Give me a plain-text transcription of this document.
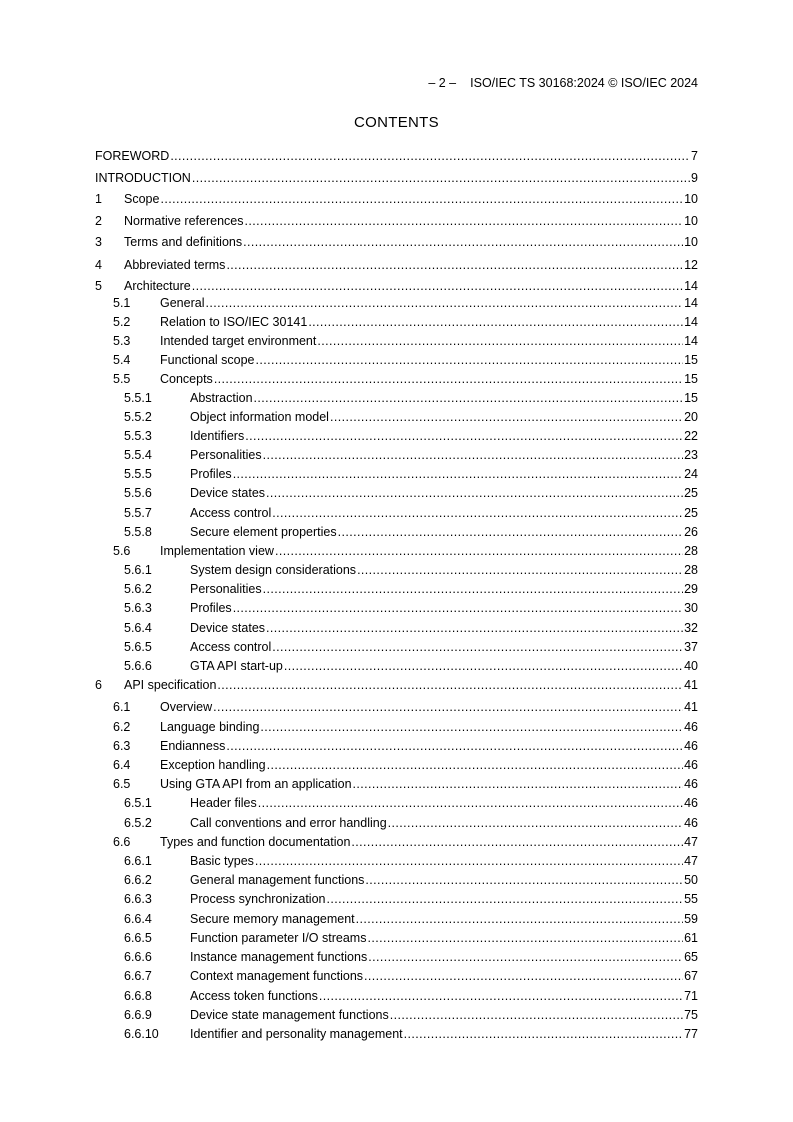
– 2 – ISO/IEC TS 30168:2024 © ISO/IEC 2024
CONTENTS
FOREWORD .....	7
INTRODUCTION .....	9
1	Scope .....	10
2	Normative references .....	10
3	Terms and definitions .....	10
4	Abbreviated terms .....	12
5	Architecture .....	14
5.1	General .....	14
5.2	Relation to ISO/IEC 30141 .....	14
5.3	Intended target environment .....	14
5.4	Functional scope .....	15
5.5	Concepts .....	15
5.5.1	Abstraction .....	15
5.5.2	Object information model .....	20
5.5.3	Identifiers .....	22
5.5.4	Personalities .....	23
5.5.5	Profiles .....	24
5.5.6	Device states .....	25
5.5.7	Access control .....	25
5.5.8	Secure element properties .....	26
5.6	Implementation view .....	28
5.6.1	System design considerations .....	28
5.6.2	Personalities .....	29
5.6.3	Profiles .....	30
5.6.4	Device states .....	32
5.6.5	Access control .....	37
5.6.6	GTA API start-up .....	40
6	API specification .....	41
6.1	Overview .....	41
6.2	Language binding .....	46
6.3	Endianness .....	46
6.4	Exception handling .....	46
6.5	Using GTA API from an application .....	46
6.5.1	Header files .....	46
6.5.2	Call conventions and error handling .....	46
6.6	Types and function documentation .....	47
6.6.1	Basic types .....	47
6.6.2	General management functions .....	50
6.6.3	Process synchronization .....	55
6.6.4	Secure memory management .....	59
6.6.5	Function parameter I/O streams .....	61
6.6.6	Instance management functions .....	65
6.6.7	Context management functions .....	67
6.6.8	Access token functions .....	71
6.6.9	Device state management functions .....	75
6.6.10	Identifier and personality management .....	77
